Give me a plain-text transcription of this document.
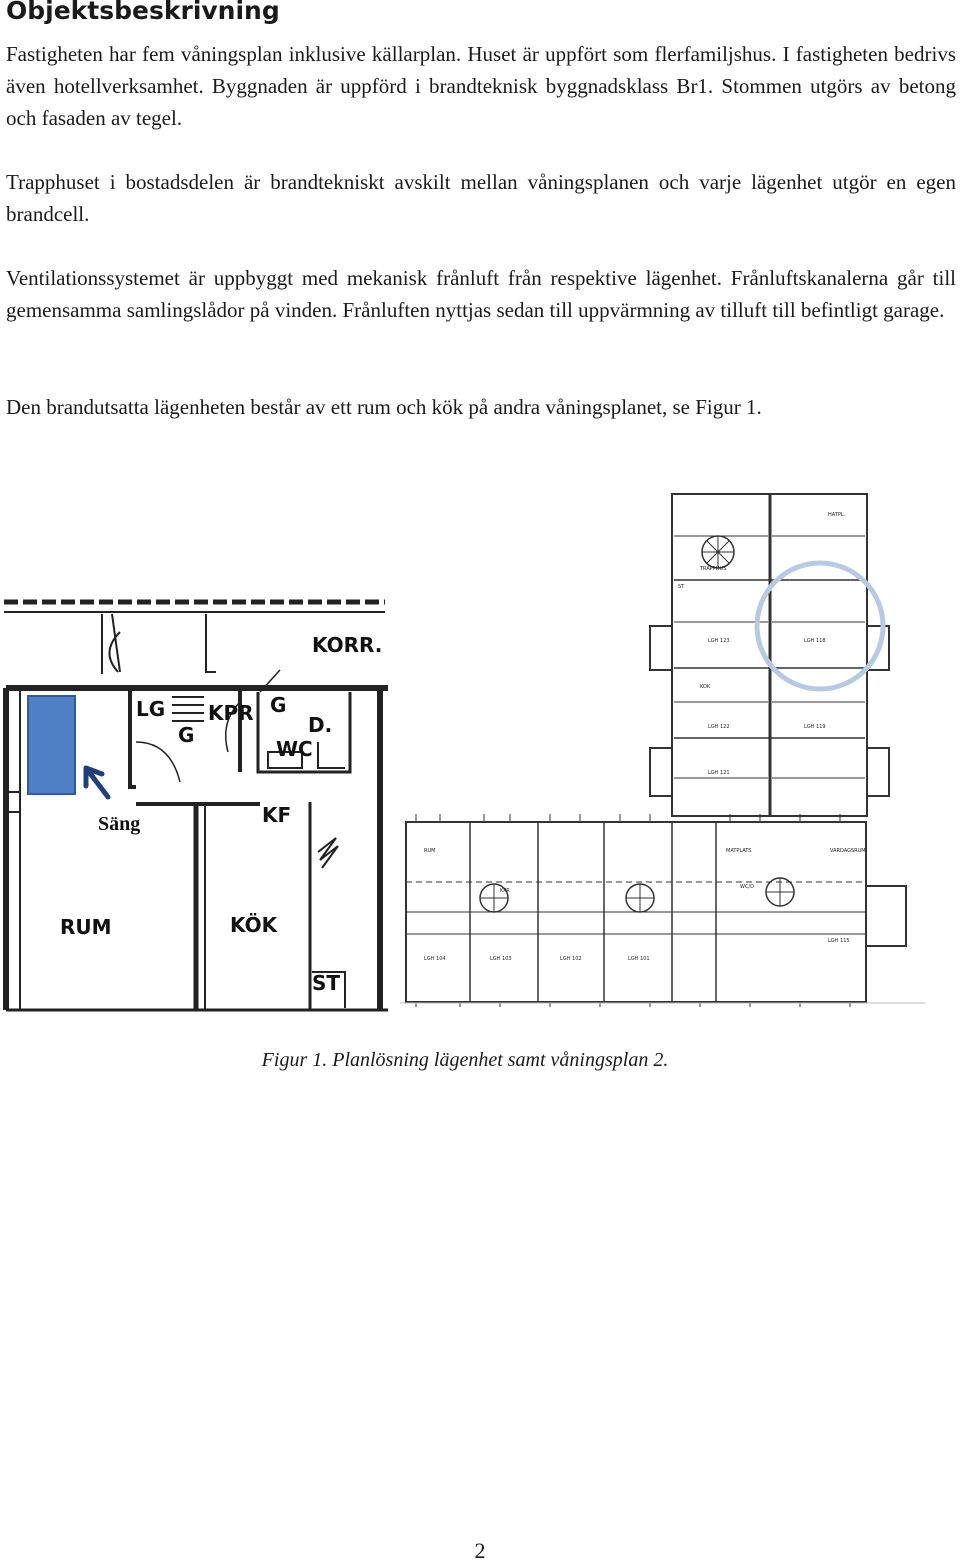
Objektsbeskrivning

Fastigheten har fem våningsplan inklusive källarplan. Huset är uppfört som flerfamiljshus. I fastigheten bedrivs även hotellverksamhet. Byggnaden är uppförd i brandteknisk byggnadsklass Br1. Stommen utgörs av betong och fasaden av tegel.

Trapphuset i bostadsdelen är brandtekniskt avskilt mellan våningsplanen och varje lägenhet utgör en egen brandcell.

Ventilationssystemet är uppbyggt med mekanisk frånluft från respektive lägenhet. Frånluftskanalerna går till gemensamma samlingslådor på vinden. Frånluften nyttjas sedan till uppvärmning av tilluft till befintligt garage.

Den brandutsatta lägenheten består av ett rum och kök på andra våningsplanet, se Figur 1.

KORR.
LG KPR
G
G
D.
WC
KF
RUM	KÖK
ST
Säng
LGH 123
LGH 122
LGH 121
LGH 119
LGH 118
LGH 104	LGH 103	LGH 102	LGH 101
LGH 115
TRAPPHUS
VARDAGSRUM
MATPLATS
KOK
RUM
WC/D
ST
KPR
HATPL.

Figur 1. Planlösning lägenhet samt våningsplan 2.

2
